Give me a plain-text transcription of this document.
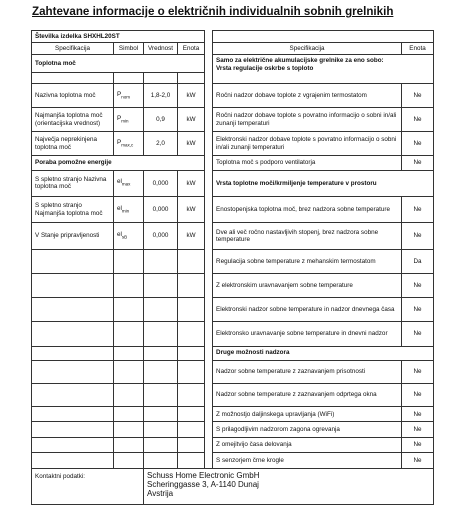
Zahtevane informacije o električnih individualnih sobnih grelnikih
Številka izdelka SHXHL20ST						
Specifikacija	Simbol	Vrednost	Enota		Specifikacija	Enota
Toplotna moč					Samo za električne akumulacijske grelnike za eno sobo:
Vrsta regulacije oskrbe s toploto	

Nazivna toplotna moč	$P_{nom}$	1,8-2,0	kW		Ročni nadzor dobave toplote z vgrajenim termostatom	Ne
Najmanjša toplotna moč (orientacijska vrednost)	$P_{min}$	0,9	kW		Ročni nadzor dobave toplote s povratno informacijo o sobni in/ali zunanji temperaturi	Ne
Največja neprekinjena toplotna moč	$P_{max,c}$	2,0	kW		Elektronski nadzor dobave toplote s povratno informacijo o sobni in/ali zunanji temperaturi	Ne
Poraba pomožne energije					Toplotna moč s podporo ventilatorja	Ne
S spletno stranjo Nazivna toplotna moč	$el_{max}$	0,000	kW		Vrsta toplotne moči/krmiljenje temperature v prostoru	
S spletno stranjo Najmanjša toplotna moč	$el_{min}$	0,000	kW		Enostopenjska toplotna moč, brez nadzora sobne temperature	Ne
V Stanje pripravljenosti	$el_{sB}$	0,000	kW		Dve ali več ročno nastavljivih stopenj, brez nadzora sobne temperature	Ne
					Regulacija sobne temperature z mehanskim termostatom	Da
					Z elektronskim uravnavanjem sobne temperature	Ne
					Elektronski nadzor sobne temperature in nadzor dnevnega časa	Ne
					Elektronsko uravnavanje sobne temperature in dnevni nadzor	Ne
					Druge možnosti nadzora	
					Nadzor sobne temperature z zaznavanjem prisotnosti	Ne
					Nadzor sobne temperature z zaznavanjem odprtega okna	Ne
					Z možnostjo daljinskega upravljanja (WiFi)	Ne
					S prilagodljivim nadzorom zagona ogrevanja	Ne
					Z omejitvijo časa delovanja	Ne
					S senzorjem črne krogle	Ne
Kontaktni podatki:		Schuss Home Electronic GmbH
Scheringgasse 3, A-1140 Dunaj
Avstrija				
